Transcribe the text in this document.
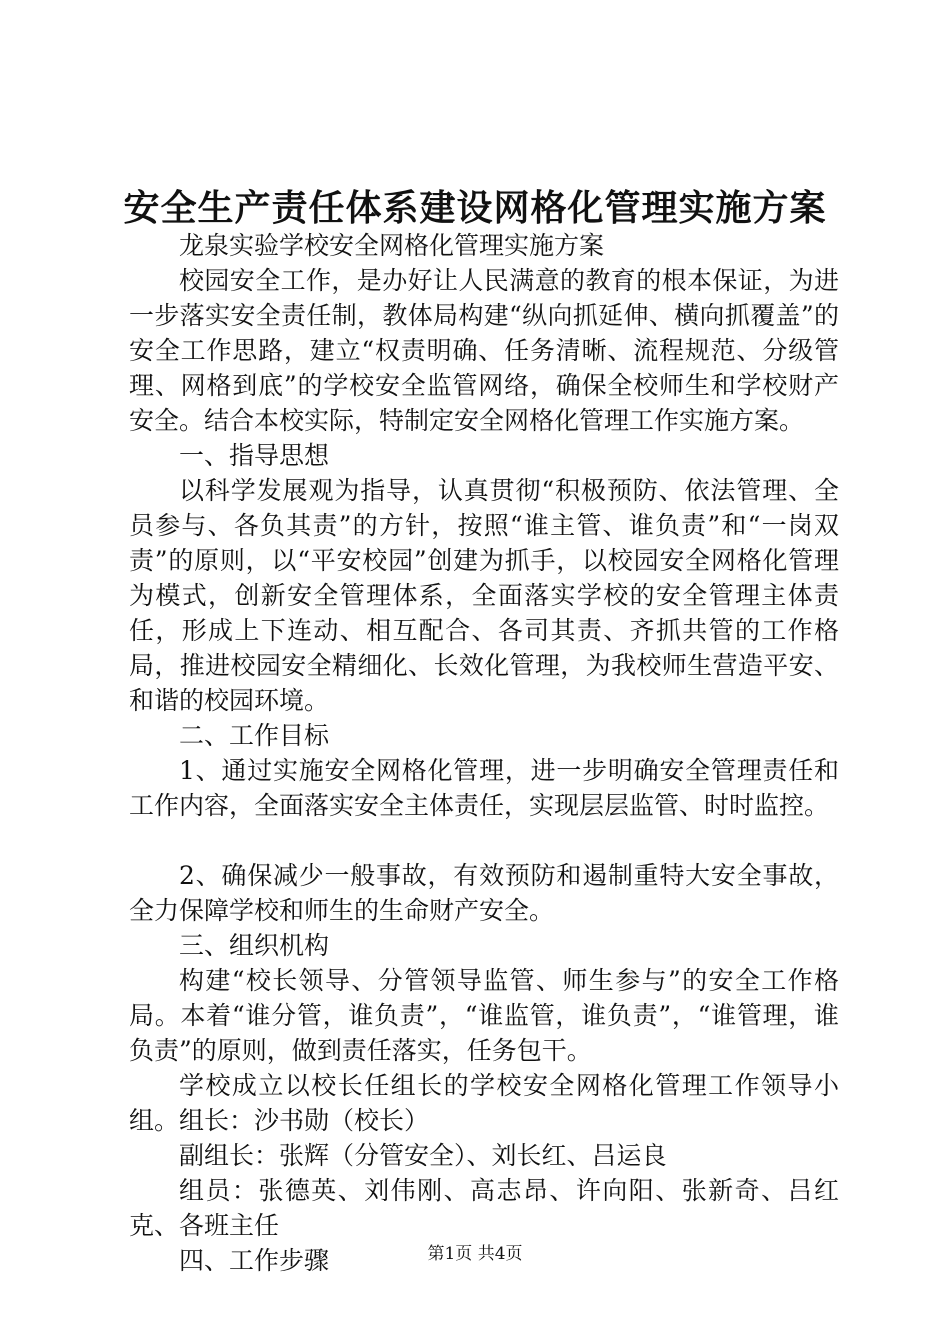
安全生产责任体系建设网格化管理实施方案

龙泉实验学校安全网格化管理实施方案

校园安全工作，是办好让人民满意的教育的根本保证，为进一步落实安全责任制，教体局构建“纵向抓延伸、横向抓覆盖”的安全工作思路，建立“权责明确、任务清晰、流程规范、分级管理、网格到底”的学校安全监管网络，确保全校师生和学校财产安全。结合本校实际，特制定安全网格化管理工作实施方案。

一、指导思想

以科学发展观为指导，认真贯彻“积极预防、依法管理、全员参与、各负其责”的方针，按照“谁主管、谁负责”和“一岗双责”的原则，以“平安校园”创建为抓手，以校园安全网格化管理为模式，创新安全管理体系，全面落实学校的安全管理主体责任，形成上下连动、相互配合、各司其责、齐抓共管的工作格局，推进校园安全精细化、长效化管理，为我校师生营造平安、和谐的校园环境。

二、工作目标

1、通过实施安全网格化管理，进一步明确安全管理责任和工作内容，全面落实安全主体责任，实现层层监管、时时监控。

2、确保减少一般事故，有效预防和遏制重特大安全事故，全力保障学校和师生的生命财产安全。

三、组织机构

构建“校长领导、分管领导监管、师生参与”的安全工作格局。本着“谁分管，谁负责”，“谁监管，谁负责”，“谁管理，谁负责”的原则，做到责任落实，任务包干。

学校成立以校长任组长的学校安全网格化管理工作领导小组。组长：沙书勋（校长）

副组长：张辉（分管安全）、刘长红、吕运良

组员：张德英、刘伟刚、高志昂、许向阳、张新奇、吕红克、各班主任

四、工作步骤	第1页 共4页
